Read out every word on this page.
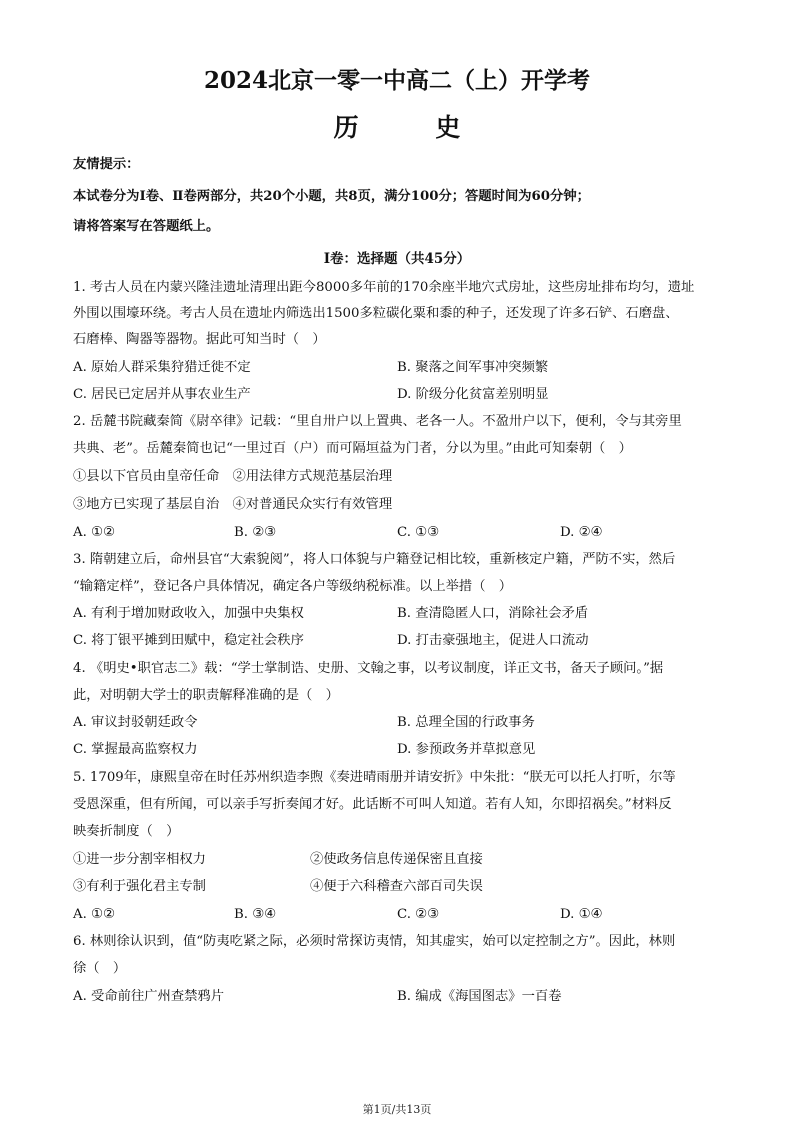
2024北京一零一中高二（上）开学考
历 史
友情提示：
本试卷分为Ⅰ卷、Ⅱ卷两部分，共20个小题，共8页，满分100分；答题时间为60分钟；
请将答案写在答题纸上。
Ⅰ卷：选择题（共45分）
1. 考古人员在内蒙兴隆洼遗址清理出距今8000多年前的170余座半地穴式房址，这些房址排布均匀，遗址
外围以围壕环绕。考古人员在遗址内筛选出1500多粒碳化粟和黍的种子，还发现了许多石铲、石磨盘、
石磨棒、陶器等器物。据此可知当时（　）
A. 原始人群采集狩猎迁徙不定	B. 聚落之间军事冲突频繁
C. 居民已定居并从事农业生产	D. 阶级分化贫富差别明显
2. 岳麓书院藏秦简《尉卒律》记载：“里自卅户以上置典、老各一人。不盈卅户以下，便利，令与其旁里
共典、老”。岳麓秦简也记“一里过百（户）而可隔垣益为门者，分以为里。”由此可知秦朝（　）
①县以下官员由皇帝任命　②用法律方式规范基层治理
③地方已实现了基层自治　④对普通民众实行有效管理
A. ①②	B. ②③	C. ①③	D. ②④
3. 隋朝建立后，命州县官“大索貌阅”，将人口体貌与户籍登记相比较，重新核定户籍，严防不实，然后
“输籍定样”，登记各户具体情况，确定各户等级纳税标准。以上举措（　）
A. 有利于增加财政收入，加强中央集权	B. 查清隐匿人口，消除社会矛盾
C. 将丁银平摊到田赋中，稳定社会秩序	D. 打击豪强地主，促进人口流动
4. 《明史•职官志二》载：“学士掌制诰、史册、文翰之事，以考议制度，详正文书，备天子顾问。”据
此，对明朝大学士的职责解释准确的是（　）
A. 审议封驳朝廷政令	B. 总理全国的行政事务
C. 掌握最高监察权力	D. 参预政务并草拟意见
5. 1709年，康熙皇帝在时任苏州织造李煦《奏进晴雨册并请安折》中朱批：“朕无可以托人打听，尔等
受恩深重，但有所闻，可以亲手写折奏闻才好。此话断不可叫人知道。若有人知，尔即招祸矣。”材料反
映奏折制度（　）
①进一步分割宰相权力	②使政务信息传递保密且直接
③有利于强化君主专制	④便于六科稽查六部百司失误
A. ①②	B. ③④	C. ②③	D. ①④
6. 林则徐认识到，值“防夷吃紧之际，必须时常探访夷情，知其虚实，始可以定控制之方”。因此，林则
徐（　）
A. 受命前往广州查禁鸦片	B. 编成《海国图志》一百卷
第1页/共13页
